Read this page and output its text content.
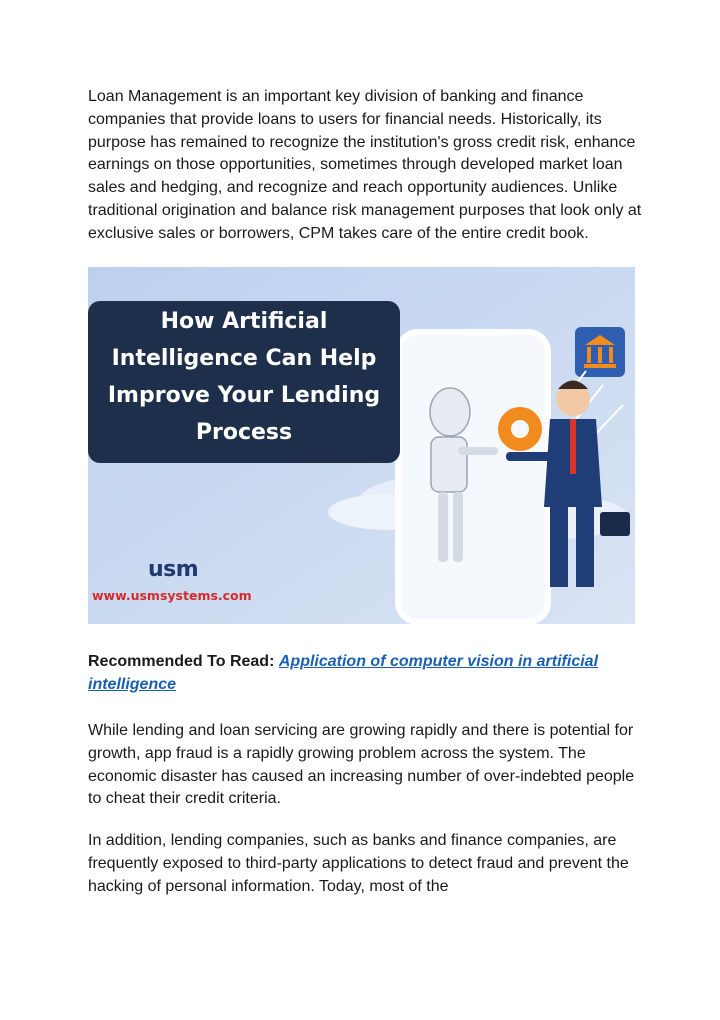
Loan Management is an important key division of banking and finance companies that provide loans to users for financial needs. Historically, its purpose has remained to recognize the institution's gross credit risk, enhance earnings on those opportunities, sometimes through developed market loan sales and hedging, and recognize and reach opportunity audiences. Unlike traditional origination and balance risk management purposes that look only at exclusive sales or borrowers, CPM takes care of the entire credit book.

How Artificial
Intelligence Can Help
Improve Your Lending
Process
usm
www.usmsystems.com

Recommended To Read: Application of computer vision in artificial intelligence

While lending and loan servicing are growing rapidly and there is potential for growth, app fraud is a rapidly growing problem across the system. The economic disaster has caused an increasing number of over-indebted people to cheat their credit criteria.

In addition, lending companies, such as banks and finance companies, are frequently exposed to third-party applications to detect fraud and prevent the hacking of personal information. Today, most of the
